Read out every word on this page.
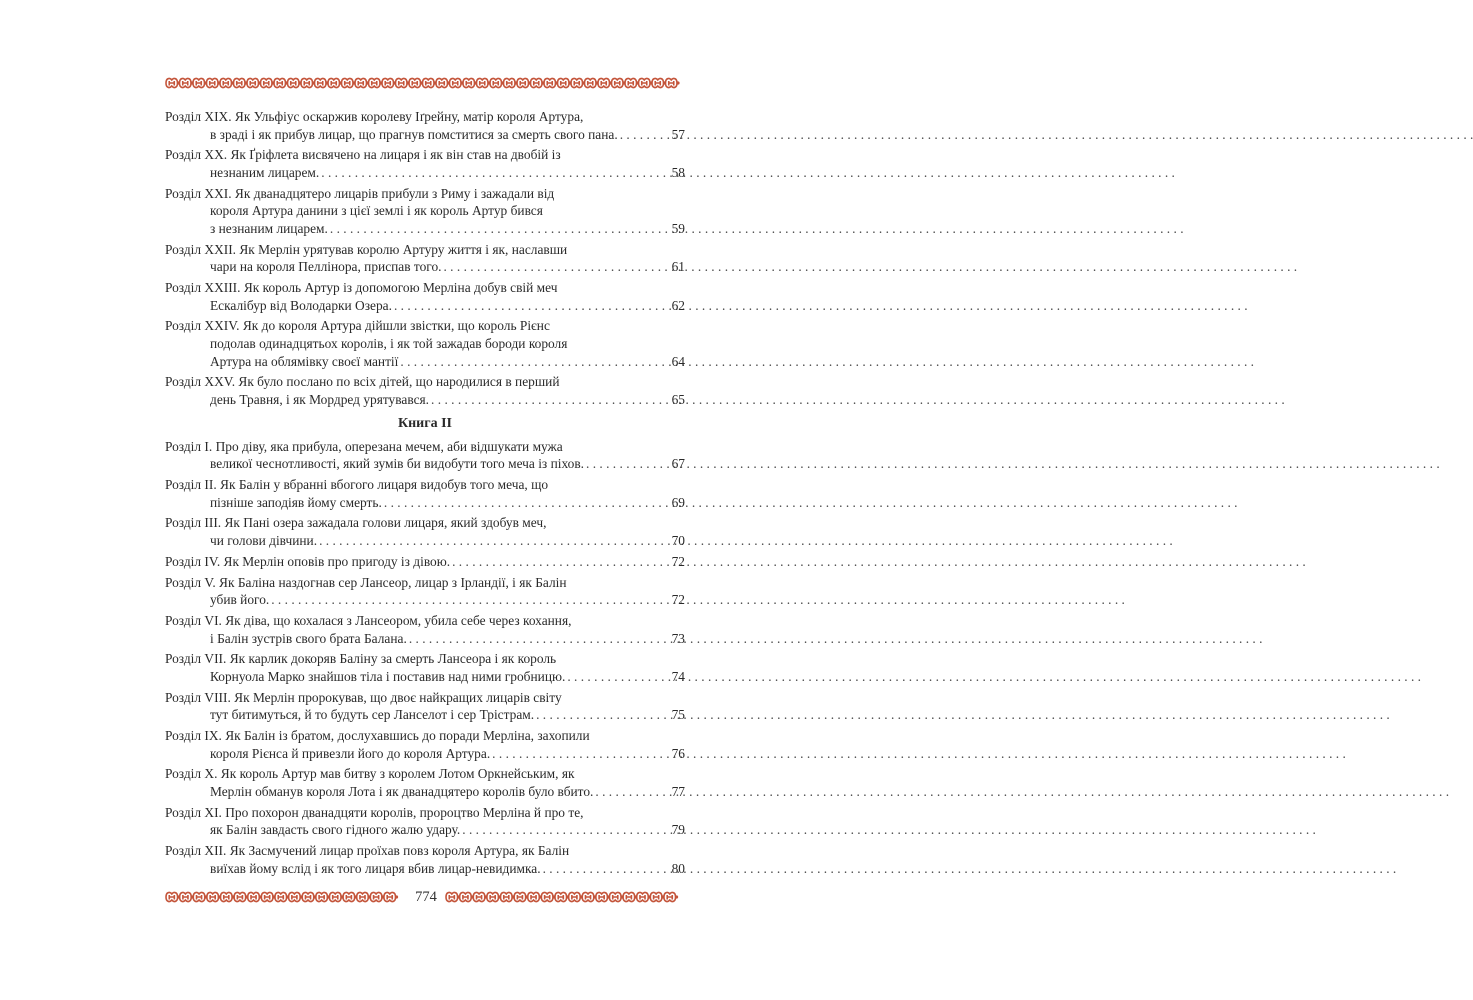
Розділ XIX. Як Ульфіус оскаржив королеву Іґрейну, матір короля Артура,
в зраді і як прибув лицар, що прагнув помститися за смерть свого пана. . . .	57
Розділ XX. Як Ґріфлета висвячено на лицаря і як він став на двобій із
незнаним лицарем. . . .	58
Розділ XXI. Як дванадцятеро лицарів прибули з Риму і зажадали від
короля Артура данини з цієї землі і як король Артур бився
з незнаним лицарем. . . .	59
Розділ XXII. Як Мерлін урятував королю Артуру життя і як, наславши
чари на короля Пеллінора, приспав того. . . .	61
Розділ XXIII. Як король Артур із допомогою Мерліна добув свій меч
Ескалібур від Володарки Озера. . . .	62
Розділ XXIV. Як до короля Артура дійшли звістки, що король Рієнс
подолав одинадцятьох королів, і як той зажадав бороди короля
Артура на облямівку своєї мантії . . .	64
Розділ XXV. Як було послано по всіх дітей, що народилися в перший
день Травня, і як Мордред урятувався. . . .	65
Книга II
Розділ I. Про діву, яка прибула, оперезана мечем, аби відшукати мужа
великої чеснотливості, який зумів би видобути того меча із піхов. . . .	67
Розділ II. Як Балін у вбранні вбогого лицаря видобув того меча, що
пізніше заподіяв йому смерть. . . .	69
Розділ III. Як Пані озера зажадала голови лицаря, який здобув меч,
чи голови дівчини. . . .	70
Розділ IV. Як Мерлін оповів про пригоду із дівою. . . .	72
Розділ V. Як Баліна наздогнав сер Лансеор, лицар з Ірландії, і як Балін
убив його. . . .	72
Розділ VI. Як діва, що кохалася з Лансеором, убила себе через кохання,
і Балін зустрів свого брата Балана. . . .	73
Розділ VII. Як карлик докоряв Баліну за смерть Лансеора і як король
Корнуола Марко знайшов тіла і поставив над ними гробницю. . . .	74
Розділ VIII. Як Мерлін пророкував, що двоє найкращих лицарів світу
тут битимуться, й то будуть сер Ланселот і сер Трістрам. . . .	75
Розділ IX. Як Балін із братом, дослухавшись до поради Мерліна, захопили
короля Рієнса й привезли його до короля Артура. . . .	76
Розділ X. Як король Артур мав битву з королем Лотом Оркнейським, як
Мерлін обманув короля Лота і як дванадцятеро королів було вбито. . . .	77
Розділ XI. Про похорон дванадцяти королів, пророцтво Мерліна й про те,
як Балін завдасть свого гідного жалю удару. . . .	79
Розділ XII. Як Засмучений лицар проїхав повз короля Артура, як Балін
виїхав йому вслід і як того лицаря вбив лицар-невидимка. . . .	80
774
